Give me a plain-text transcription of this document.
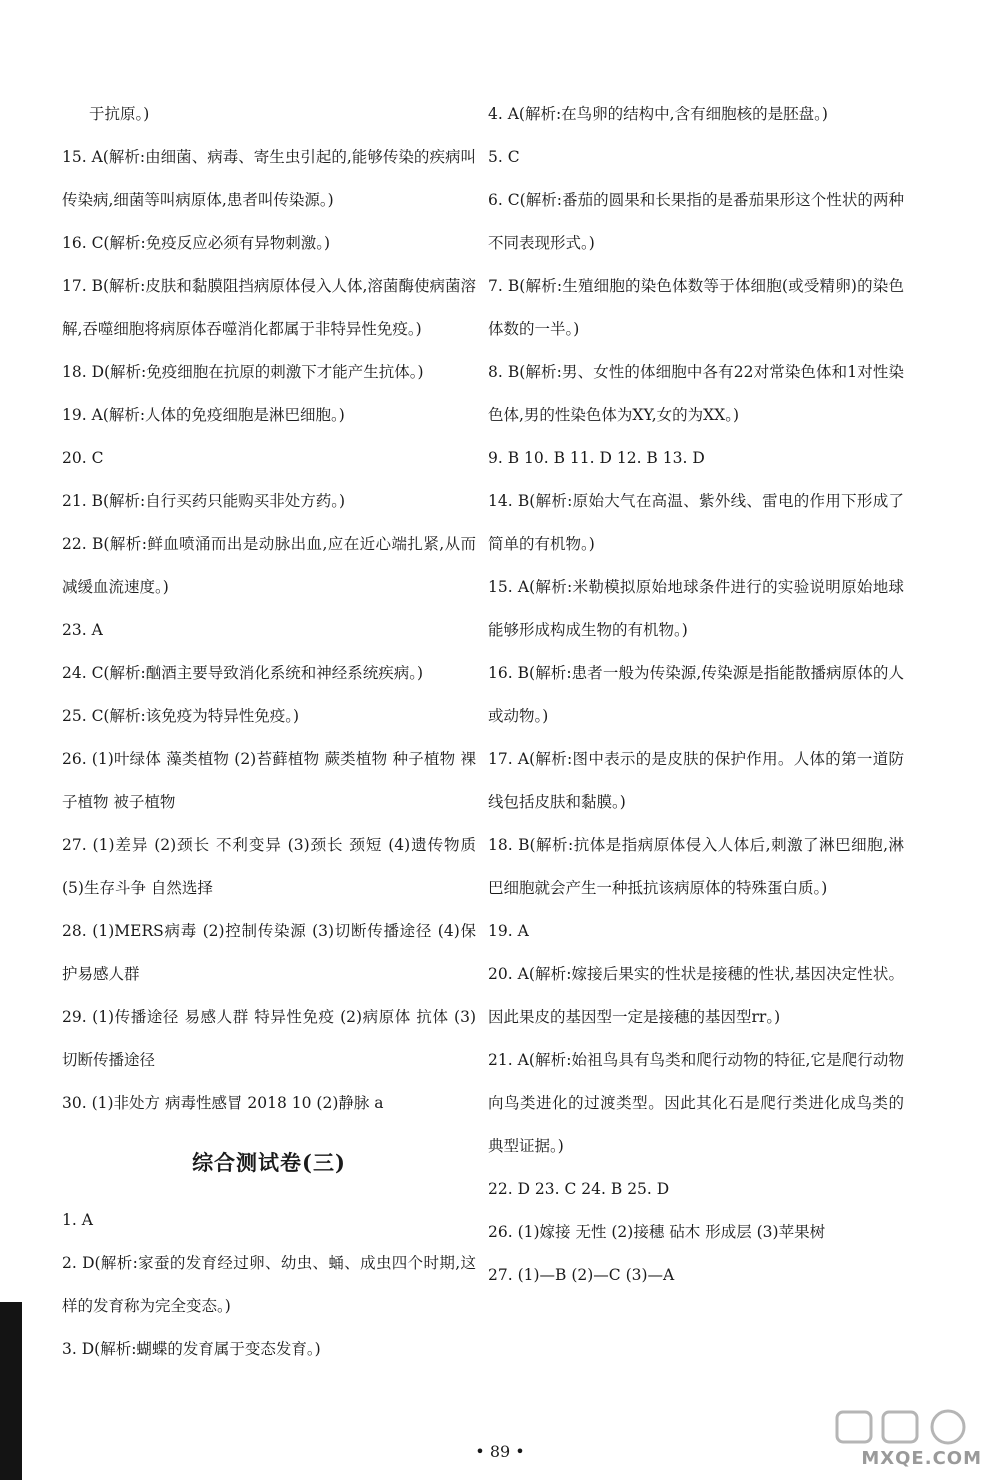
于抗原。)

15. A(解析:由细菌、病毒、寄生虫引起的,能够传染的疾病叫传染病,细菌等叫病原体,患者叫传染源。)

16. C(解析:免疫反应必须有异物刺激。)

17. B(解析:皮肤和黏膜阻挡病原体侵入人体,溶菌酶使病菌溶解,吞噬细胞将病原体吞噬消化都属于非特异性免疫。)

18. D(解析:免疫细胞在抗原的刺激下才能产生抗体。)

19. A(解析:人体的免疫细胞是淋巴细胞。)

20. C

21. B(解析:自行买药只能购买非处方药。)

22. B(解析:鲜血喷涌而出是动脉出血,应在近心端扎紧,从而减缓血流速度。)

23. A

24. C(解析:酗酒主要导致消化系统和神经系统疾病。)

25. C(解析:该免疫为特异性免疫。)

26. (1)叶绿体 藻类植物 (2)苔藓植物 蕨类植物 种子植物 裸子植物 被子植物

27. (1)差异 (2)颈长 不利变异 (3)颈长 颈短 (4)遗传物质 (5)生存斗争 自然选择

28. (1)MERS病毒 (2)控制传染源 (3)切断传播途径 (4)保护易感人群

29. (1)传播途径 易感人群 特异性免疫 (2)病原体 抗体 (3)切断传播途径

30. (1)非处方 病毒性感冒 2018 10 (2)静脉 a

综合测试卷(三)

1. A

2. D(解析:家蚕的发育经过卵、幼虫、蛹、成虫四个时期,这样的发育称为完全变态。)

3. D(解析:蝴蝶的发育属于变态发育。)

4. A(解析:在鸟卵的结构中,含有细胞核的是胚盘。)

5. C

6. C(解析:番茄的圆果和长果指的是番茄果形这个性状的两种不同表现形式。)

7. B(解析:生殖细胞的染色体数等于体细胞(或受精卵)的染色体数的一半。)

8. B(解析:男、女性的体细胞中各有22对常染色体和1对性染色体,男的性染色体为XY,女的为XX。)

9. B 10. B 11. D 12. B 13. D

14. B(解析:原始大气在高温、紫外线、雷电的作用下形成了简单的有机物。)

15. A(解析:米勒模拟原始地球条件进行的实验说明原始地球能够形成构成生物的有机物。)

16. B(解析:患者一般为传染源,传染源是指能散播病原体的人或动物。)

17. A(解析:图中表示的是皮肤的保护作用。人体的第一道防线包括皮肤和黏膜。)

18. B(解析:抗体是指病原体侵入人体后,刺激了淋巴细胞,淋巴细胞就会产生一种抵抗该病原体的特殊蛋白质。)

19. A

20. A(解析:嫁接后果实的性状是接穗的性状,基因决定性状。因此果皮的基因型一定是接穗的基因型rr。)

21. A(解析:始祖鸟具有鸟类和爬行动物的特征,它是爬行动物向鸟类进化的过渡类型。因此其化石是爬行类进化成鸟类的典型证据。)

22. D 23. C 24. B 25. D

26. (1)嫁接 无性 (2)接穗 砧木 形成层 (3)苹果树

27. (1)—B (2)—C (3)—A

• 89 •	MXQE.COM
